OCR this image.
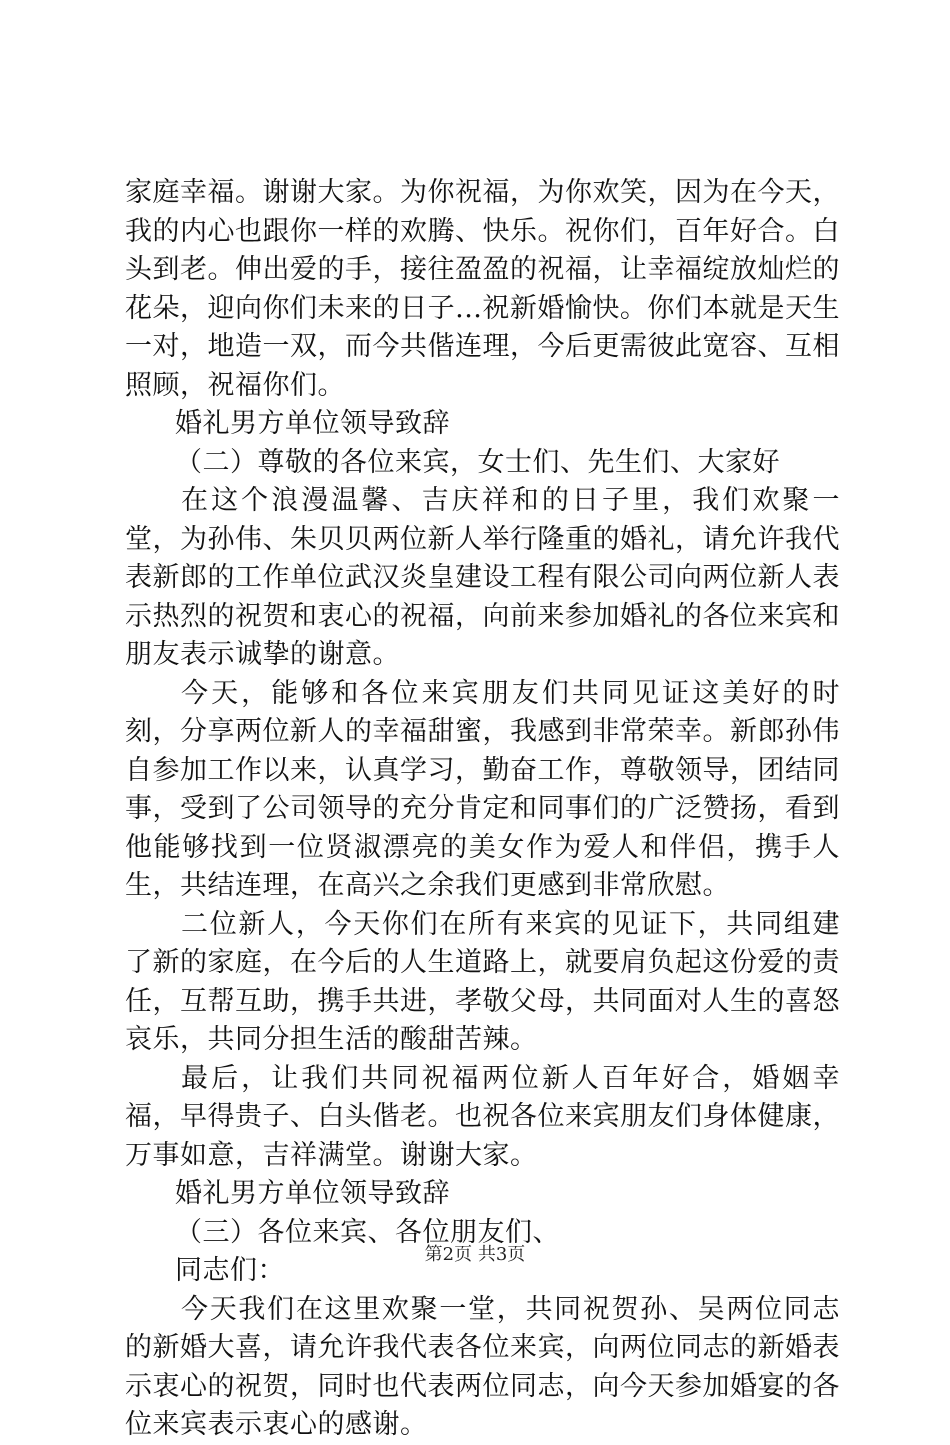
家庭幸福。谢谢大家。为你祝福，为你欢笑，因为在今天，我的内心也跟你一样的欢腾、快乐。祝你们，百年好合。白头到老。伸出爱的手，接往盈盈的祝福，让幸福绽放灿烂的花朵，迎向你们未来的日子...祝新婚愉快。你们本就是天生一对，地造一双，而今共偕连理，今后更需彼此宽容、互相照顾，祝福你们。

婚礼男方单位领导致辞

（二）尊敬的各位来宾，女士们、先生们、大家好

在这个浪漫温馨、吉庆祥和的日子里，我们欢聚一堂，为孙伟、朱贝贝两位新人举行隆重的婚礼，请允许我代表新郎的工作单位武汉炎皇建设工程有限公司向两位新人表示热烈的祝贺和衷心的祝福，向前来参加婚礼的各位来宾和朋友表示诚挚的谢意。

今天，能够和各位来宾朋友们共同见证这美好的时刻，分享两位新人的幸福甜蜜，我感到非常荣幸。新郎孙伟自参加工作以来，认真学习，勤奋工作，尊敬领导，团结同事，受到了公司领导的充分肯定和同事们的广泛赞扬，看到他能够找到一位贤淑漂亮的美女作为爱人和伴侣，携手人生，共结连理，在高兴之余我们更感到非常欣慰。

二位新人，今天你们在所有来宾的见证下，共同组建了新的家庭，在今后的人生道路上，就要肩负起这份爱的责任，互帮互助，携手共进，孝敬父母，共同面对人生的喜怒哀乐，共同分担生活的酸甜苦辣。

最后，让我们共同祝福两位新人百年好合，婚姻幸福，早得贵子、白头偕老。也祝各位来宾朋友们身体健康，万事如意，吉祥满堂。谢谢大家。

婚礼男方单位领导致辞

（三）各位来宾、各位朋友们、

同志们：

今天我们在这里欢聚一堂，共同祝贺孙、吴两位同志的新婚大喜，请允许我代表各位来宾，向两位同志的新婚表示衷心的祝贺，同时也代表两位同志，向今天参加婚宴的各位来宾表示衷心的感谢。

第2页 共3页
